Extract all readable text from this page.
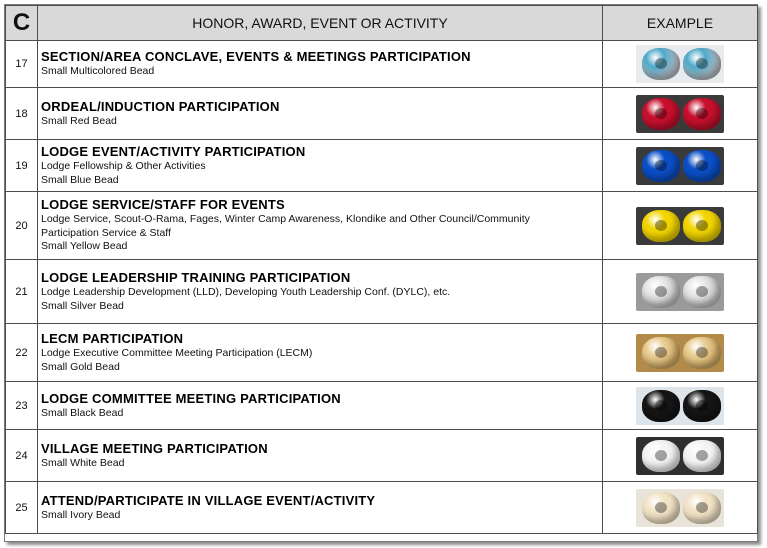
C	HONOR, AWARD, EVENT OR ACTIVITY	EXAMPLE
17	SECTION/AREA CONCLAVE, EVENTS & MEETINGS PARTICIPATION
Small Multicolored Bead	

18	ORDEAL/INDUCTION PARTICIPATION
Small Red Bead	

19	LODGE EVENT/ACTIVITY PARTICIPATION
Lodge Fellowship & Other Activities
Small Blue Bead	

20	LODGE SERVICE/STAFF FOR EVENTS
Lodge Service, Scout-O-Rama, Fages, Winter Camp Awareness, Klondike and Other Council/Community
Participation Service & Staff
Small Yellow Bead	

21	LODGE LEADERSHIP TRAINING PARTICIPATION
Lodge Leadership Development (LLD), Developing Youth Leadership Conf. (DYLC), etc.
Small Silver Bead	

22	LECM PARTICIPATION
Lodge Executive Committee Meeting Participation (LECM)
Small Gold Bead	

23	LODGE COMMITTEE MEETING PARTICIPATION
Small Black Bead	

24	VILLAGE MEETING PARTICIPATION
Small White Bead	

25	ATTEND/PARTICIPATE IN VILLAGE EVENT/ACTIVITY
Small Ivory Bead	
